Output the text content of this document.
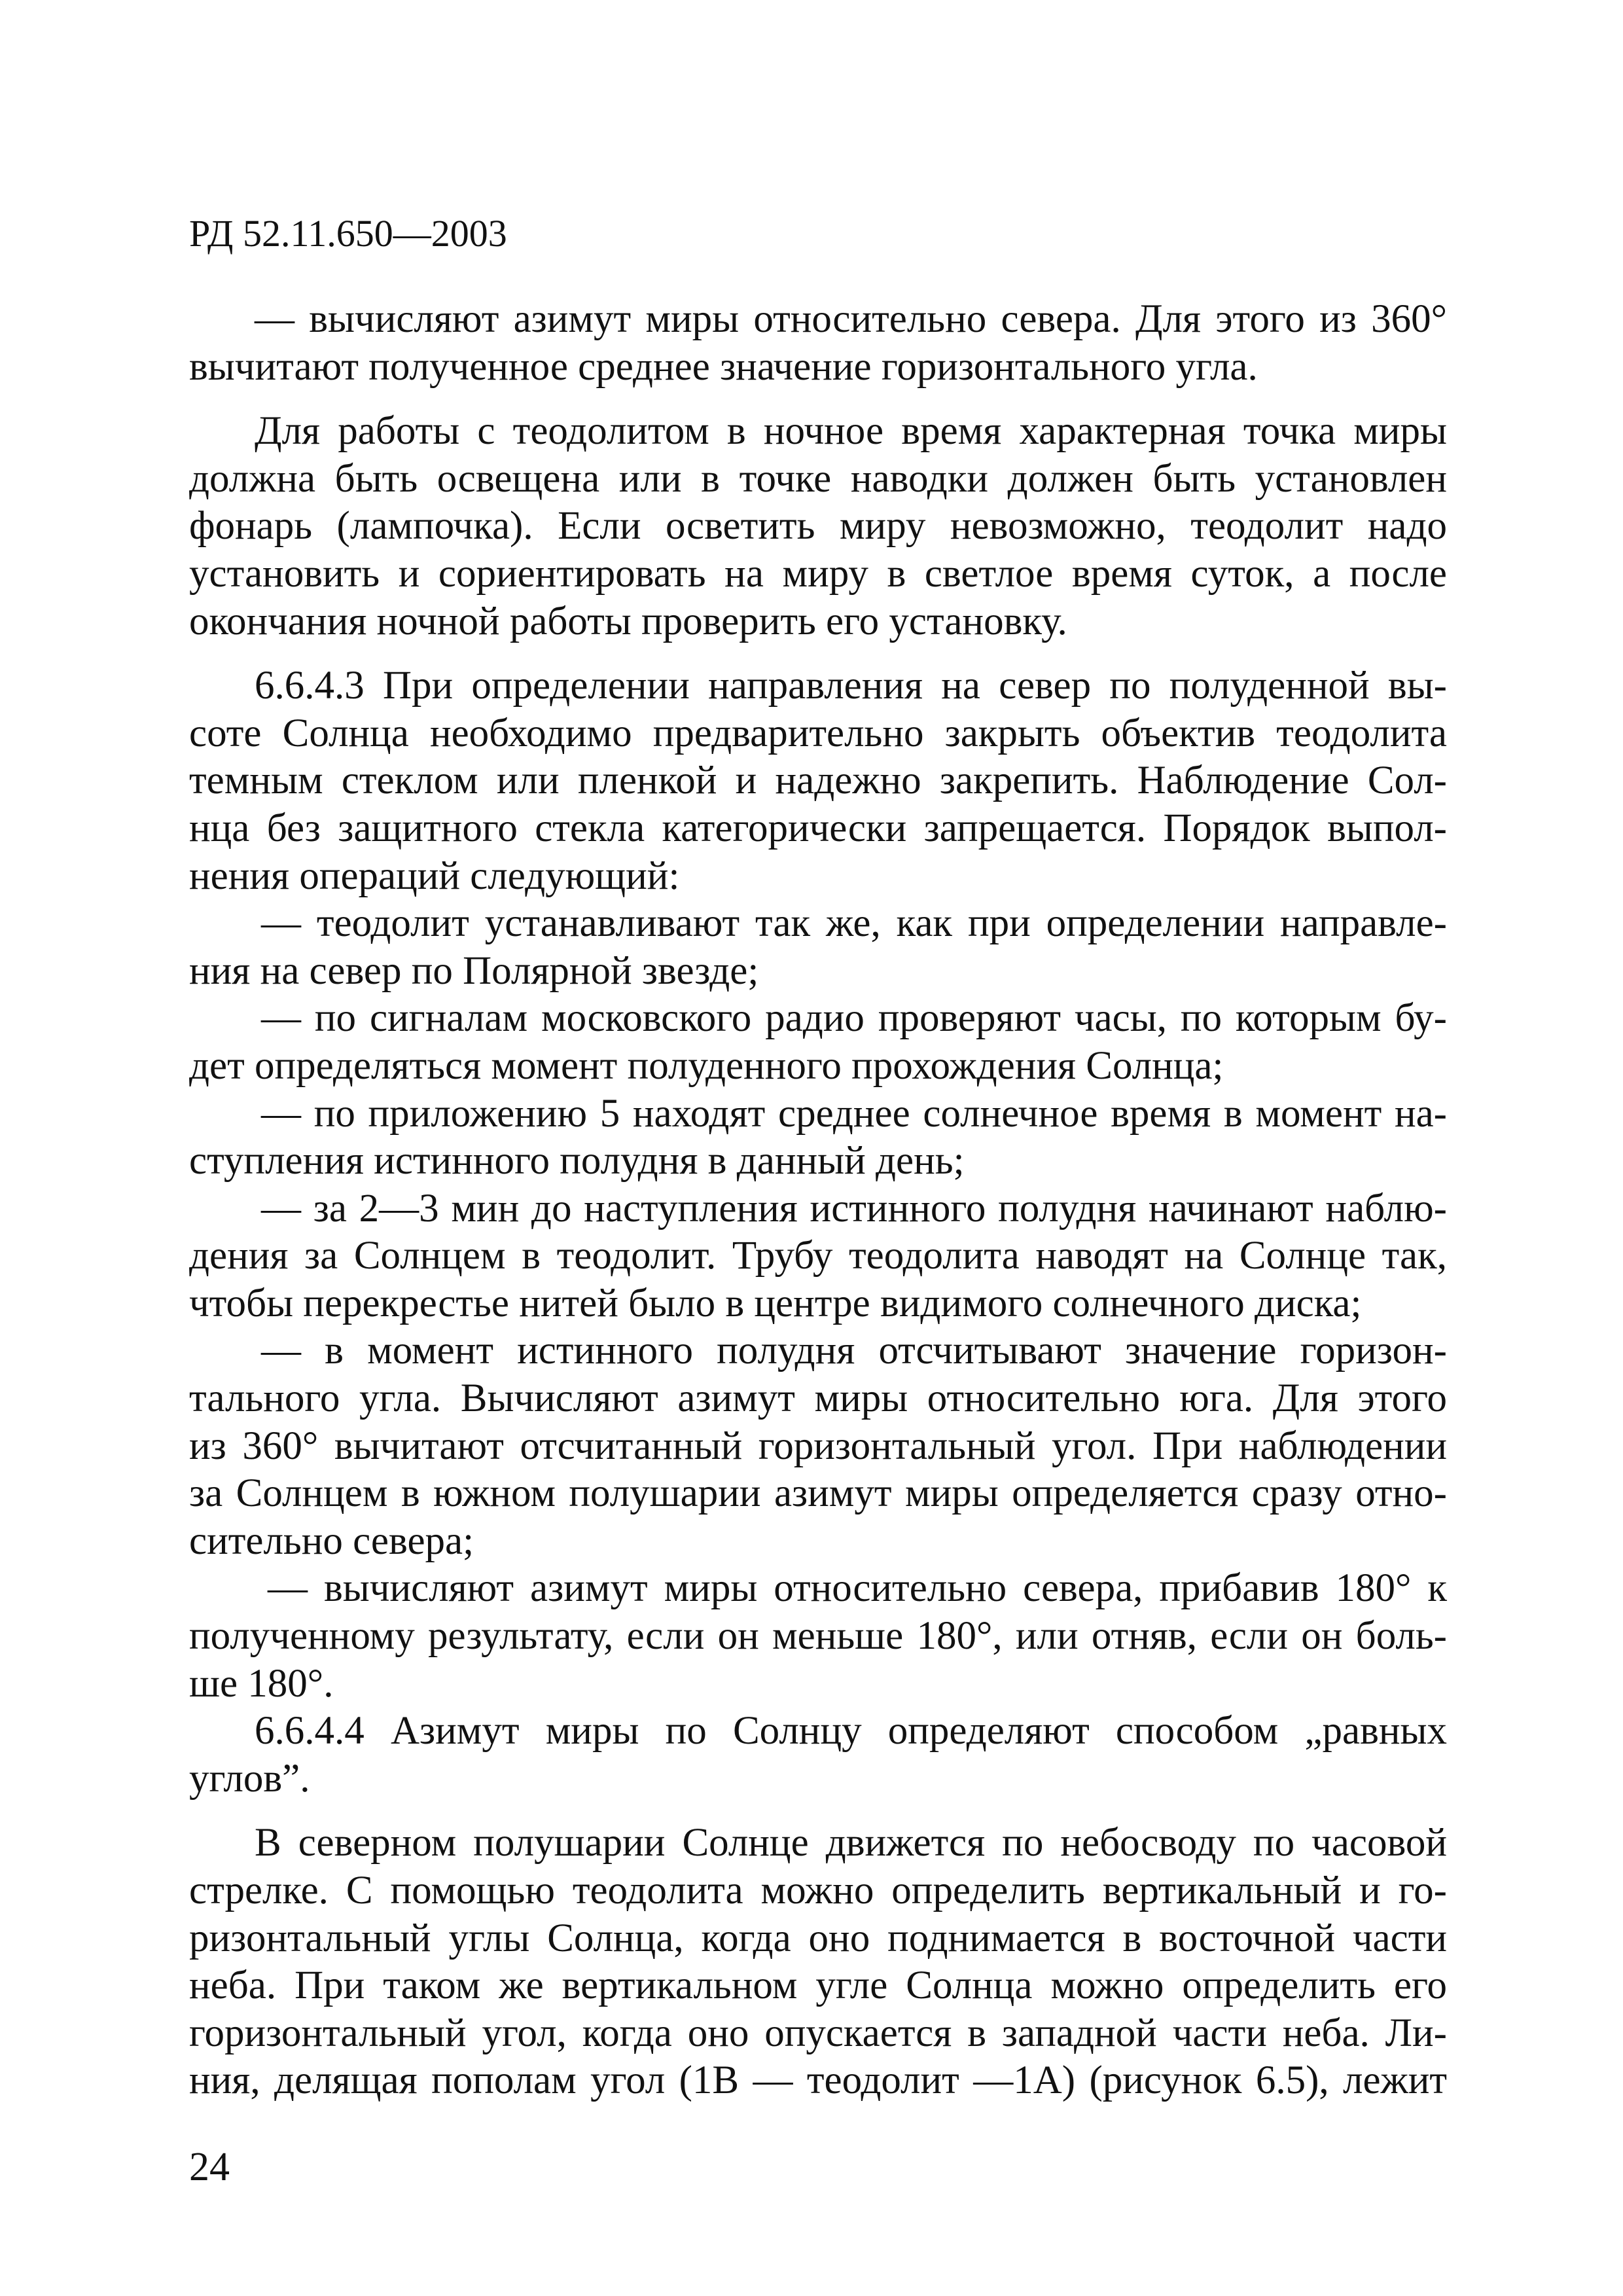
РД 52.11.650—2003
— вычисляют азимут миры относительно севера. Для этого из 360°
вычитают полученное среднее значение горизонтального угла.
Для работы с теодолитом в ночное время характерная точка миры
должна быть освещена или в точке наводки должен быть установлен
фонарь (лампочка). Если осветить миру невозможно, теодолит надо
установить и сориентировать на миру в светлое время суток, а после
окончания ночной работы проверить его установку.
6.6.4.3 При определении направления на север по полуденной вы-
соте Солнца необходимо предварительно закрыть объектив теодолита
темным стеклом или пленкой и надежно закрепить. Наблюдение Сол-
нца без защитного стекла категорически запрещается. Порядок выпол-
нения операций следующий:
— теодолит устанавливают так же, как при определении направле-
ния на север по Полярной звезде;
— по сигналам московского радио проверяют часы, по которым бу-
дет определяться момент полуденного прохождения Солнца;
— по приложению 5 находят среднее солнечное время в момент на-
ступления истинного полудня в данный день;
— за 2—3 мин до наступления истинного полудня начинают наблю-
дения за Солнцем в теодолит. Трубу теодолита наводят на Солнце так,
чтобы перекрестье нитей было в центре видимого солнечного диска;
— в момент истинного полудня отсчитывают значение горизон-
тального угла. Вычисляют азимут миры относительно юга. Для этого
из 360° вычитают отсчитанный горизонтальный угол. При наблюдении
за Солнцем в южном полушарии азимут миры определяется сразу отно-
сительно севера;
— вычисляют азимут миры относительно севера, прибавив 180° к
полученному результату, если он меньше 180°, или отняв, если он боль-
ше 180°.
6.6.4.4 Азимут миры по Солнцу определяют способом „равных
углов”.
В северном полушарии Солнце движется по небосводу по часовой
стрелке. С помощью теодолита можно определить вертикальный и го-
ризонтальный углы Солнца, когда оно поднимается в восточной части
неба. При таком же вертикальном угле Солнца можно определить его
горизонтальный угол, когда оно опускается в западной части неба. Ли-
ния, делящая пополам угол (1B — теодолит —1A) (рисунок 6.5), лежит
24
